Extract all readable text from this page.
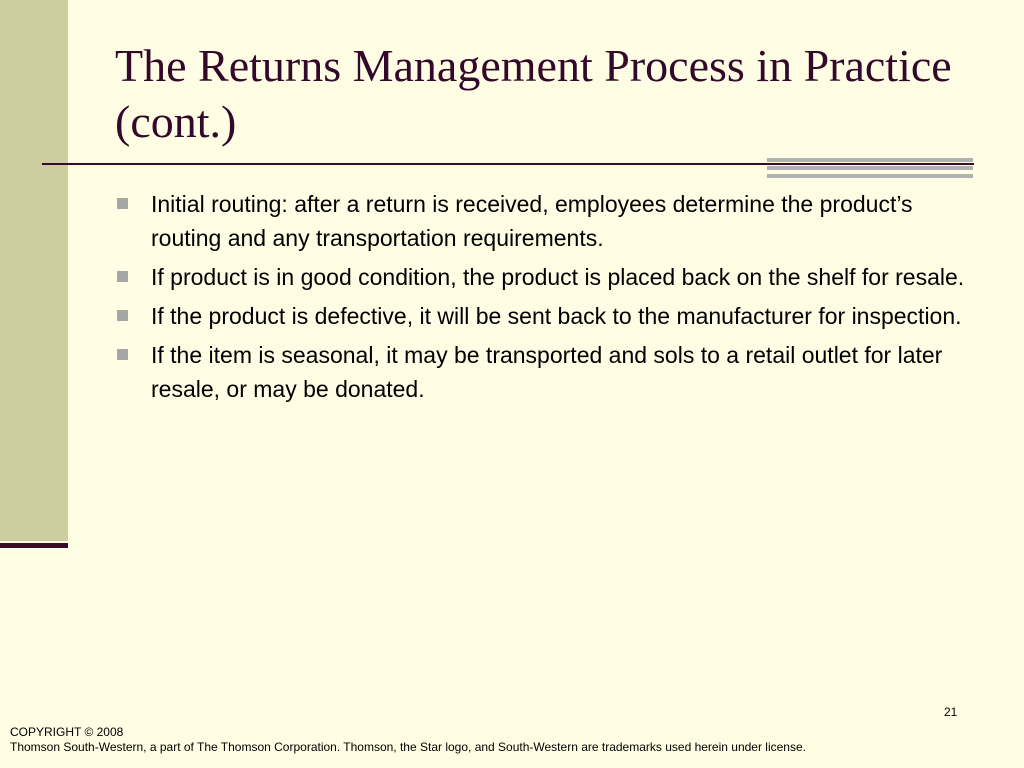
The Returns Management Process in Practice (cont.)
Initial routing: after a return is received, employees determine the product’s routing and any transportation requirements.
If product is in good condition, the product is placed back on the shelf for resale.
If the product is defective, it will be sent back to the manufacturer for inspection.
If the item is seasonal, it may be transported and sols to a retail outlet for later resale, or may be donated.
21
COPYRIGHT © 2008
Thomson South-Western, a part of The Thomson Corporation. Thomson, the Star logo, and South-Western are trademarks used herein under license.
